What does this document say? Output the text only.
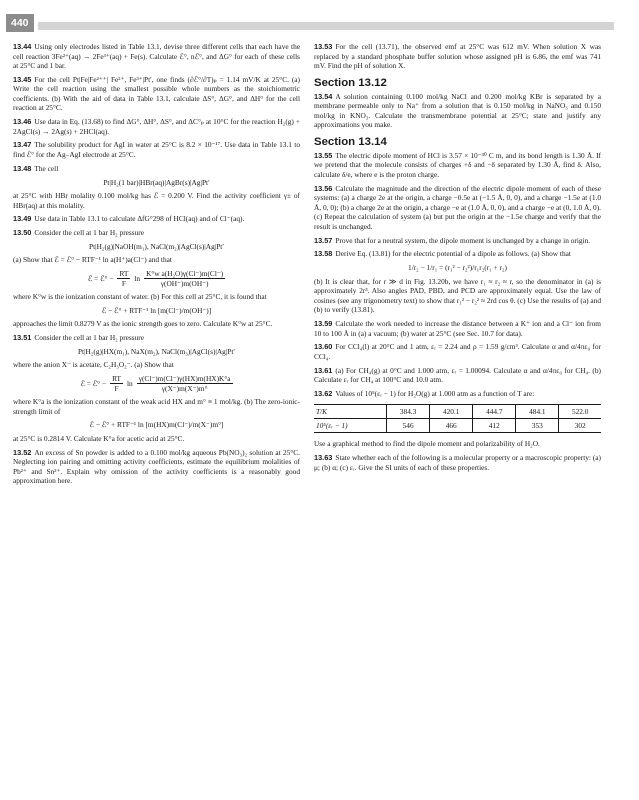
440

13.44 Using only electrodes listed in Table 13.1, devise three different cells that each have the cell reaction 3Fe²⁺(aq) → 2Fe³⁺(aq) + Fe(s). Calculate ℰ°, nℰ°, and ΔG° for each of these cells at 25°C and 1 bar.

13.45 For the cell Pt|Fe|Fe²⁺⁺| Fe²⁺, Fe³⁺|Pt′, one finds (∂ℰ°/∂T)ₚ = 1.14 mV/K at 25°C. (a) Write the cell reaction using the smallest possible whole numbers as the stoichiometric coefficients. (b) With the aid of data in Table 13.1, calculate ΔS°, ΔG°, and ΔH° for the cell reaction at 25°C.

13.46 Use data in Eq. (13.68) to find ΔG°, ΔH°, ΔS°, and ΔC°ₚ at 10°C for the reaction H₂(g) + 2AgCl(s) → 2Ag(s) + 2HCl(aq).

13.47 The solubility product for AgI in water at 25°C is 8.2 × 10⁻¹⁷. Use data in Table 13.1 to find ℰ° for the Ag–AgI electrode at 25°C.

13.48 The cell

Pt|H₂(1 bar)|HBr(aq)|AgBr(s)|Ag|Pt′

at 25°C with HBr molality 0.100 mol/kg has ℰ = 0.200 V. Find the activity coefficient γ± of HBr(aq) at this molality.

13.49 Use data in Table 13.1 to calculate ΔfG°298 of HCl(aq) and of Cl⁻(aq).

13.50 Consider the cell at 1 bar H₂ pressure

Pt|H₂(g)|NaOH(m₁), NaCl(m₂)|AgCl(s)|Ag|Pt′

(a) Show that ℰ = ℰ° − RTF⁻¹ ln a(H⁺)a(Cl⁻) and that

ℰ = ℰ° − $\frac{RT}{F}$ $\ln \frac{\text{K°w a(H₂O)γ(Cl⁻)m(Cl⁻)}}{\gamma(OH^-)m(OH^-)}$

where K°w is the ionization constant of water. (b) For this cell at 25°C, it is found that

ℰ − ℰ° + RTF⁻¹ ln [m(Cl⁻)/m(OH⁻)]

approaches the limit 0.8279 V as the ionic strength goes to zero. Calculate K°w at 25°C.

13.51 Consider the cell at 1 bar H₂ pressure

Pt|H₂(g)|HX(m₁), NaX(m₂), NaCl(m₃)|AgCl(s)|Ag|Pt′

where the anion X⁻ is acetate, C₂H₃O₂⁻. (a) Show that

ℰ = ℰ° − $\frac{RT}{F}$ $\ln \frac{\gamma(Cl^-)m(Cl^-)\gamma(HX)m(HX)K^\circ a}{\gamma(X^-)m(X^-)m^\circ}$

where K°a is the ionization constant of the weak acid HX and m° ≡ 1 mol/kg. (b) The zero-ionic-strength limit of

ℰ − ℰ° + RTF⁻¹ ln [m(HX)m(Cl⁻)/m(X⁻)m°]

at 25°C is 0.2814 V. Calculate K°a for acetic acid at 25°C.

13.52 An excess of Sn powder is added to a 0.100 mol/kg aqueous Pb(NO₃)₂ solution at 25°C. Neglecting ion pairing and omitting activity coefficients, estimate the equilibrium molalities of Pb²⁺ and Sn²⁺. Explain why omission of the activity coefficients is a reasonably good approximation here.

13.53 For the cell (13.71), the observed emf at 25°C was 612 mV. When solution X was replaced by a standard phosphate buffer solution whose assigned pH is 6.86, the emf was 741 mV. Find the pH of solution X.

Section 13.12

13.54 A solution containing 0.100 mol/kg NaCl and 0.200 mol/kg KBr is separated by a membrane permeable only to Na⁺ from a solution that is 0.150 mol/kg in NaNO₃ and 0.150 mol/kg in KNO₃. Calculate the transmembrane potential at 25°C; state and justify any approximations you make.

Section 13.14

13.55 The electric dipole moment of HCl is 3.57 × 10⁻³⁰ C m, and its bond length is 1.30 Å. If we pretend that the molecule consists of charges +δ and −δ separated by 1.30 Å, find δ. Also, calculate δ/e, where e is the proton charge.

13.56 Calculate the magnitude and the direction of the electric dipole moment of each of these systems: (a) a charge 2e at the origin, a charge −0.5e at (−1.5 Å, 0, 0), and a charge −1.5e at (1.0 Å, 0, 0); (b) a charge 2e at the origin, a charge −e at (1.0 Å, 0, 0), and a charge −e at (0, 1.0 Å, 0). (c) Repeat the calculation of system (a) but put the origin at the −1.5e charge and verify that the result is unchanged.

13.57 Prove that for a neutral system, the dipole moment is unchanged by a change in origin.

13.58 Derive Eq. (13.81) for the electric potential of a dipole as follows. (a) Show that

1/r₂ − 1/r₁ = (r₁² − r₂²)/r₁r₂(r₁ + r₂)

(b) It is clear that, for r ≫ d in Fig. 13.20b, we have r₁ ≈ r₂ ≈ r, so the denominator in (a) is approximately 2r³. Also angles PAD, PBD, and PCD are approximately equal. Use the law of cosines (see any trigonometry text) to show that r₁² − r₂² ≈ 2rd cos θ. (c) Use the results of (a) and (b) to verify (13.81).

13.59 Calculate the work needed to increase the distance between a K⁺ ion and a Cl⁻ ion from 10 to 100 Å in (a) a vacuum; (b) water at 25°C (see Sec. 10.7 for data).

13.60 For CCl₄(l) at 20°C and 1 atm, εᵣ = 2.24 and ρ = 1.59 g/cm³. Calculate α and α/4πε₀ for CCl₄.

13.61 (a) For CH₄(g) at 0°C and 1.000 atm, εᵣ = 1.00094. Calculate α and α/4πε₀ for CH₄. (b) Calculate εᵣ for CH₄ at 100°C and 10.0 atm.

13.62 Values of 10⁵(εᵣ − 1) for H₂O(g) at 1.000 atm as a function of T are:

T/K	384.3	420.1	444.7	484.1	522.0
10⁵(εᵣ − 1)	546	466	412	353	302

Use a graphical method to find the dipole moment and polarizability of H₂O.

13.63 State whether each of the following is a molecular property or a macroscopic property: (a) μ; (b) α; (c) εᵣ. Give the SI units of each of these properties.
